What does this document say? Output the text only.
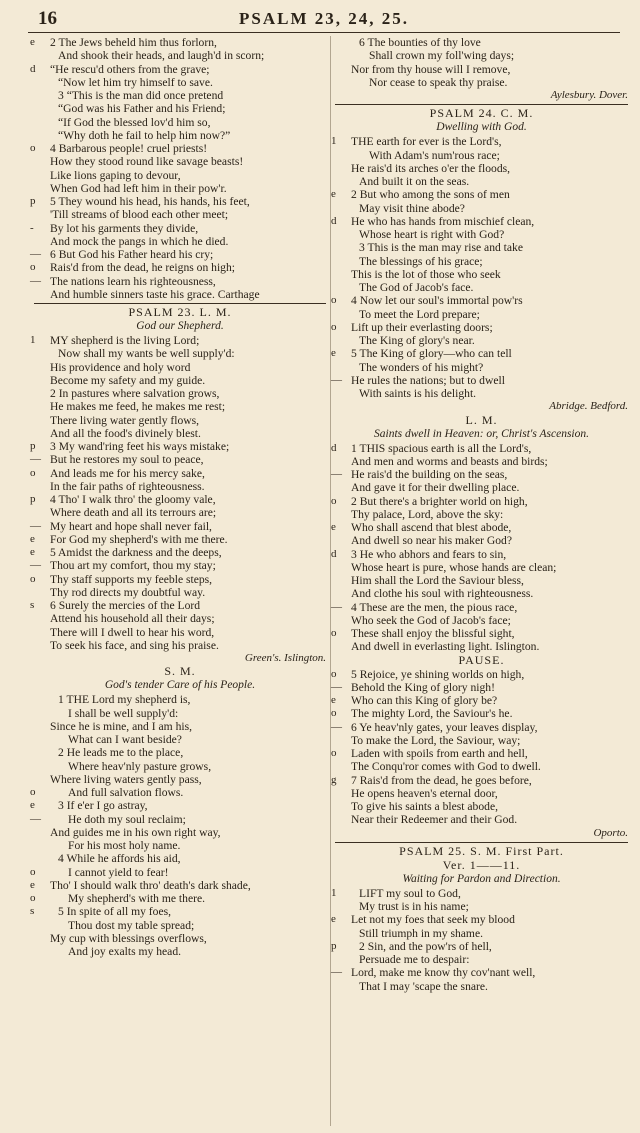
16	PSALM 23, 24, 25.
e	2 The Jews beheld him thus forlorn,
And shook their heads, and laugh'd in scorn;
d	“He rescu'd others from the grave;
“Now let him try himself to save.
3 “This is the man did once pretend
“God was his Father and his Friend;
“If God the blessed lov'd him so,
“Why doth he fail to help him now?”
o	4 Barbarous people! cruel priests!
How they stood round like savage beasts!
Like lions gaping to devour,
When God had left him in their pow'r.
p	5 They wound his head, his hands, his feet,
'Till streams of blood each other meet;
-	By lot his garments they divide,
And mock the pangs in which he died.
— 6 But God his Father heard his cry;
o	Rais'd from the dead, he reigns on high;
— The nations learn his righteousness,
And humble sinners taste his grace. Carthage
PSALM 23. L. M.
God our Shepherd.
1	MY shepherd is the living Lord;
Now shall my wants be well supply'd:
His providence and holy word
Become my safety and my guide.
2 In pastures where salvation grows,
He makes me feed, he makes me rest;
There living water gently flows,
And all the food's divinely blest.
p	3 My wand'ring feet his ways mistake;
— But he restores my soul to peace,
o	And leads me for his mercy sake,
In the fair paths of righteousness.
p	4 Tho' I walk thro' the gloomy vale,
Where death and all its terrours are;
— My heart and hope shall never fail,
e	For God my shepherd's with me there.
e	5 Amidst the darkness and the deeps,
— Thou art my comfort, thou my stay;
o	Thy staff supports my feeble steps,
Thy rod directs my doubtful way.
s	6 Surely the mercies of the Lord
Attend his household all their days;
There will I dwell to hear his word,
To seek his face, and sing his praise.
Green's. Islington.
S. M.
God's tender Care of his People.
1 THE Lord my shepherd is,
I shall be well supply'd:
Since he is mine, and I am his,
What can I want beside?
2 He leads me to the place,
Where heav'nly pasture grows,
Where living waters gently pass,
o	And full salvation flows.
e	3 If e'er I go astray,
—	He doth my soul reclaim;
And guides me in his own right way,
For his most holy name.
4 While he affords his aid,
o	I cannot yield to fear!
e	Tho' I should walk thro' death's dark shade,
o	My shepherd's with me there.
s	5 In spite of all my foes,
Thou dost my table spread;
My cup with blessings overflows,
And joy exalts my head.
6 The bounties of thy love
Shall crown my foll'wing days;
Nor from thy house will I remove,
Nor cease to speak thy praise.
Aylesbury. Dover.
PSALM 24. C. M.
Dwelling with God.
1	THE earth for ever is the Lord's,
With Adam's num'rous race;
He rais'd its arches o'er the floods,
And built it on the seas.
e	2 But who among the sons of men
May visit thine abode?
d	He who has hands from mischief clean,
Whose heart is right with God?
3 This is the man may rise and take
The blessings of his grace;
This is the lot of those who seek
The God of Jacob's face.
o	4 Now let our soul's immortal pow'rs
To meet the Lord prepare;
o	Lift up their everlasting doors;
The King of glory's near.
e	5 The King of glory—who can tell
The wonders of his might?
— He rules the nations; but to dwell
With saints is his delight.
Abridge. Bedford.
L. M.
Saints dwell in Heaven: or, Christ's Ascension.
d	1 THIS spacious earth is all the Lord's,
And men and worms and beasts and birds;
— He rais'd the building on the seas,
And gave it for their dwelling place.
o	2 But there's a brighter world on high,
Thy palace, Lord, above the sky:
e	Who shall ascend that blest abode,
And dwell so near his maker God?
d	3 He who abhors and fears to sin,
Whose heart is pure, whose hands are clean;
Him shall the Lord the Saviour bless,
And clothe his soul with righteousness.
— 4 These are the men, the pious race,
Who seek the God of Jacob's face;
o	These shall enjoy the blissful sight,
And dwell in everlasting light. Islington.
PAUSE.
o	5 Rejoice, ye shining worlds on high,
— Behold the King of glory nigh!
e	Who can this King of glory be?
o	The mighty Lord, the Saviour's he.
— 6 Ye heav'nly gates, your leaves display,
To make the Lord, the Saviour, way;
o	Laden with spoils from earth and hell,
The Conqu'ror comes with God to dwell.
g	7 Rais'd from the dead, he goes before,
He opens heaven's eternal door,
To give his saints a blest abode,
Near their Redeemer and their God.
Oporto.
PSALM 25. S. M. First Part.
Ver. 1——11.
Waiting for Pardon and Direction.
1	LIFT my soul to God,
My trust is in his name;
e	Let not my foes that seek my blood
Still triumph in my shame.
p	2 Sin, and the pow'rs of hell,
Persuade me to despair:
— Lord, make me know thy cov'nant well,
That I may 'scape the snare.
